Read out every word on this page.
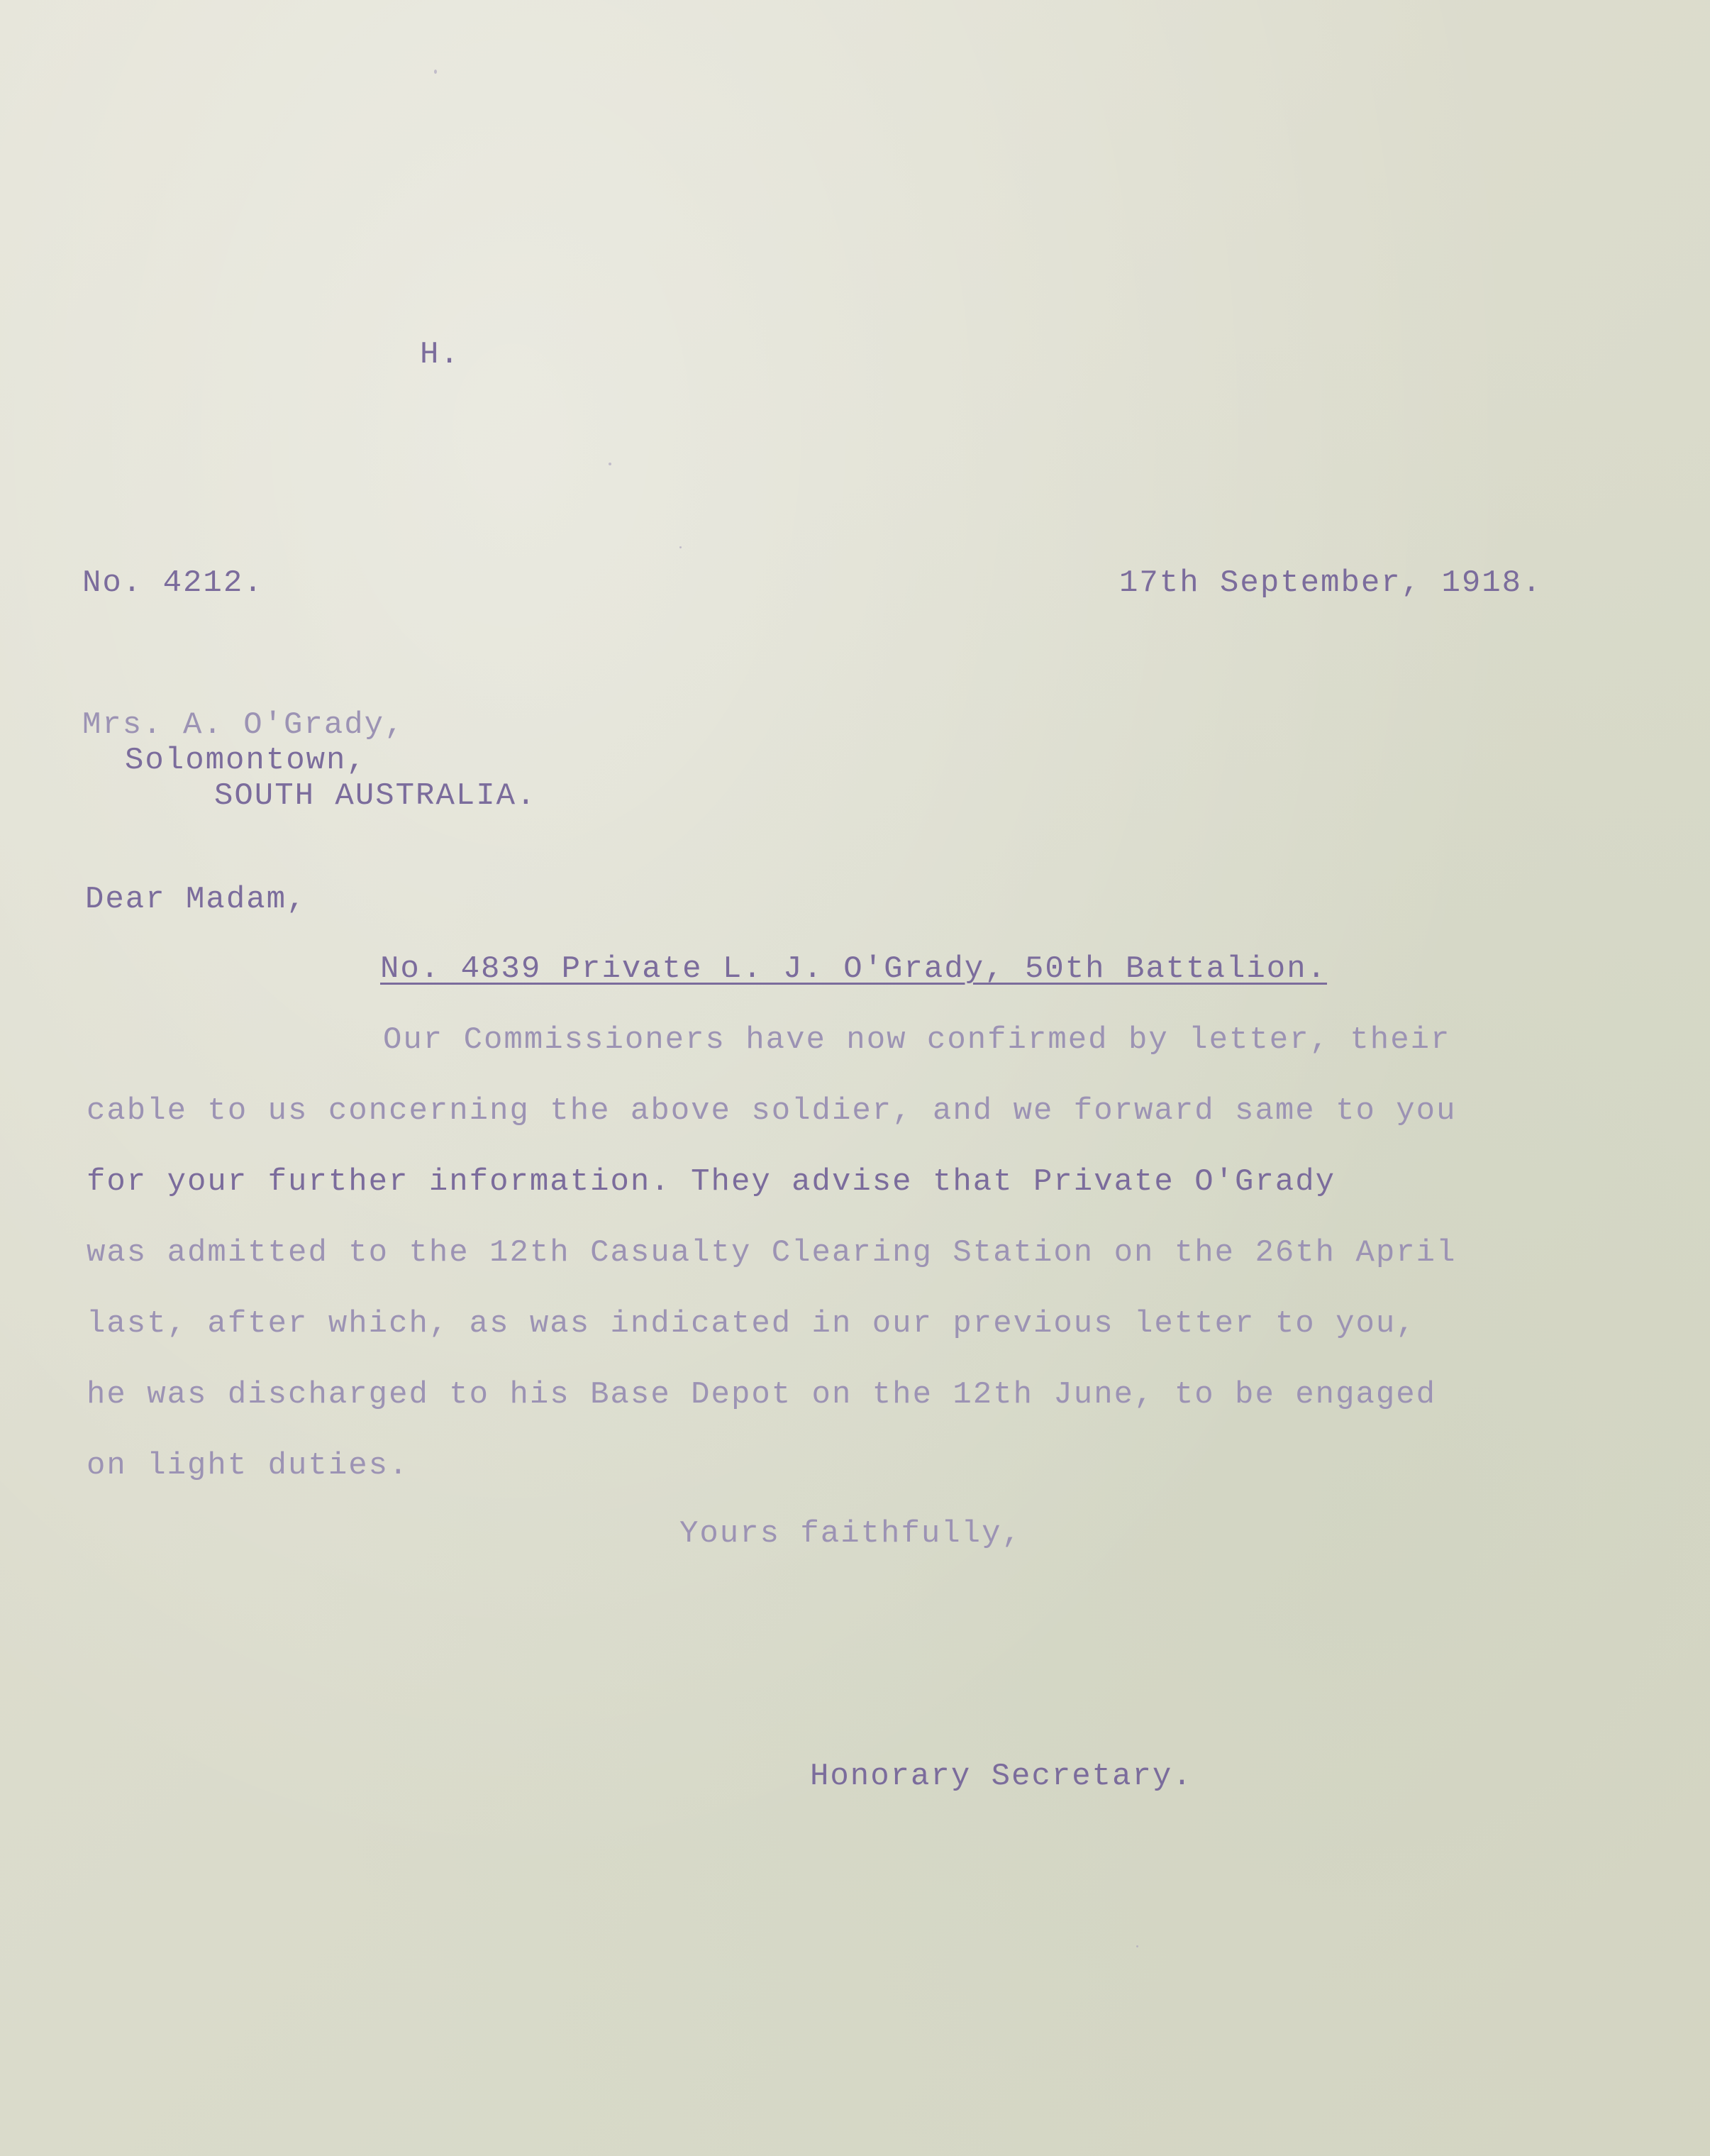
H.
No. 4212.	17th September, 1918.
Mrs. A. O'Grady,
Solomontown,
SOUTH AUSTRALIA.
Dear Madam,
No. 4839 Private L. J. O'Grady, 50th Battalion.
Our Commissioners have now confirmed by letter, their
cable to us concerning the above soldier, and we forward same to you
for your further information. They advise that Private O'Grady
was admitted to the 12th Casualty Clearing Station on the 26th April
last, after which, as was indicated in our previous letter to you,
he was discharged to his Base Depot on the 12th June, to be engaged
on light duties.
Yours faithfully,
Honorary Secretary.
